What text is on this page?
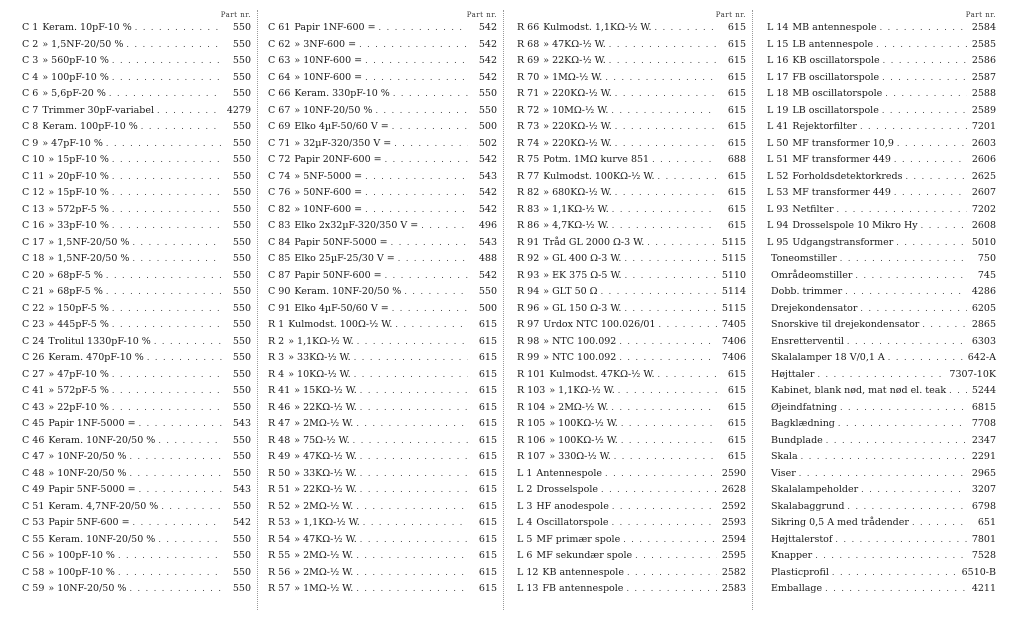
Part nr.
C 1 Keram. 10pF-10 % . . .	550
C 2 » 1,5NF-20/50 % . . .	550
C 3 » 560pF-10 % . . .	550
C 4 » 100pF-10 % . . .	550
C 6 » 5,6pF-20 % . . .	550
C 7 Trimmer 30pF-variabel . . .	4279
C 8 Keram. 100pF-10 % . . .	550
C 9 » 47pF-10 % . . .	550
C 10 » 15pF-10 % . . .	550
C 11 » 20pF-10 % . . .	550
C 12 » 15pF-10 % . . .	550
C 13 » 572pF-5 % . . .	550
C 16 » 33pF-10 % . . .	550
C 17 » 1,5NF-20/50 % . . .	550
C 18 » 1,5NF-20/50 % . . .	550
C 20 » 68pF-5 % . . .	550
C 21 » 68pF-5 % . . .	550
C 22 » 150pF-5 % . . .	550
C 23 » 445pF-5 % . . .	550
C 24 Trolitul 1330pF-10 % . . .	550
C 26 Keram. 470pF-10 % . . .	550
C 27 » 47pF-10 % . . .	550
C 41 » 572pF-5 % . . .	550
C 43 » 22pF-10 % . . .	550
C 45 Papir 1NF-5000 = . . .	543
C 46 Keram. 10NF-20/50 % . . .	550
C 47 » 10NF-20/50 % . . .	550
C 48 » 10NF-20/50 % . . .	550
C 49 Papir 5NF-5000 = . . .	543
C 51 Keram. 4,7NF-20/50 % . . .	550
C 53 Papir 5NF-600 = . . .	542
C 55 Keram. 10NF-20/50 % . . .	550
C 56 » 100pF-10 % . . .	550
C 58 » 100pF-10 % . . .	550
C 59 » 10NF-20/50 % . . .	550
Part nr.
C 61 Papir 1NF-600 = . . .	542
C 62 » 3NF-600 = . . .	542
C 63 » 10NF-600 = . . .	542
C 64 » 10NF-600 = . . .	542
C 66 Keram. 330pF-10 % . . .	550
C 67 » 10NF-20/50 % . . .	550
C 69 Elko 4µF-50/60 V = . . .	500
C 71 » 32µF-320/350 V = . . .	502
C 72 Papir 20NF-600 = . . .	542
C 74 » 5NF-5000 = . . .	543
C 76 » 50NF-600 = . . .	542
C 82 » 10NF-600 = . . .	542
C 83 Elko 2x32µF-320/350 V = . . .	496
C 84 Papir 50NF-5000 = . . .	543
C 85 Elko 25µF-25/30 V = . . .	488
C 87 Papir 50NF-600 = . . .	542
C 90 Keram. 10NF-20/50 % . . .	550
C 91 Elko 4µF-50/60 V = . . .	500
R 1 Kulmodst. 100Ω-½ W. . . .	615
R 2 » 1,1KΩ-½ W. . . .	615
R 3 » 33KΩ-½ W. . . .	615
R 4 » 10KΩ-½ W. . . .	615
R 41 » 15KΩ-½ W. . . .	615
R 46 » 22KΩ-½ W. . . .	615
R 47 » 2MΩ-½ W. . . .	615
R 48 » 75Ω-½ W. . . .	615
R 49 » 47KΩ-½ W. . . .	615
R 50 » 33KΩ-½ W. . . .	615
R 51 » 22KΩ-½ W. . . .	615
R 52 » 2MΩ-½ W. . . .	615
R 53 » 1,1KΩ-½ W. . . .	615
R 54 » 47KΩ-½ W. . . .	615
R 55 » 2MΩ-½ W. . . .	615
R 56 » 2MΩ-½ W. . . .	615
R 57 » 1MΩ-½ W. . . .	615
Part nr.
R 66 Kulmodst. 1,1KΩ-½ W. . . .	615
R 68 » 47KΩ-½ W. . . .	615
R 69 » 22KΩ-½ W. . . .	615
R 70 » 1MΩ-½ W. . . .	615
R 71 » 220KΩ-½ W. . . .	615
R 72 » 10MΩ-½ W. . . .	615
R 73 » 220KΩ-½ W. . . .	615
R 74 » 220KΩ-½ W. . . .	615
R 75 Potm. 1MΩ kurve 851 . . .	688
R 77 Kulmodst. 100KΩ-½ W. . . .	615
R 82 » 680KΩ-½ W. . . .	615
R 83 » 1,1KΩ-½ W. . . .	615
R 86 » 4,7KΩ-½ W. . . .	615
R 91 Tråd GL 2000 Ω-3 W. . . .	5115
R 92 » GL 400 Ω-3 W. . . .	5115
R 93 » EK 375 Ω-5 W. . . .	5110
R 94 » GLT 50 Ω . . .	5114
R 96 » GL 150 Ω-3 W. . . .	5115
R 97 Urdox NTC 100.026/01 . . .	7405
R 98 » NTC 100.092 . . .	7406
R 99 » NTC 100.092 . . .	7406
R 101 Kulmodst. 47KΩ-½ W. . . .	615
R 103 » 1,1KΩ-½ W. . . .	615
R 104 » 2MΩ-½ W. . . .	615
R 105 » 100KΩ-½ W. . . .	615
R 106 » 100KΩ-½ W. . . .	615
R 107 » 330Ω-½ W. . . .	615
L 1 Antennespole . . .	2590
L 2 Drosselspole . . .	2628
L 3 HF anodespole . . .	2592
L 4 Oscillatorspole . . .	2593
L 5 MF primær spole . . .	2594
L 6 MF sekundær spole . . .	2595
L 12 KB antennespole . . .	2582
L 13 FB antennespole . . .	2583
Part nr.
L 14 MB antennespole . . .	2584
L 15 LB antennespole . . .	2585
L 16 KB oscillatorspole . . .	2586
L 17 FB oscillatorspole . . .	2587
L 18 MB oscillatorspole . . .	2588
L 19 LB oscillatorspole . . .	2589
L 41 Rejektorfilter . . .	7201
L 50 MF transformer 10,9 . . .	2603
L 51 MF transformer 449 . . .	2606
L 52 Forholdsdetektorkreds . . .	2625
L 53 MF transformer 449 . . .	2607
L 93 Netfilter . . .	7202
L 94 Drosselspole 10 Mikro Hy . . .	2608
L 95 Udgangstransformer . . .	5010
Toneomstiller . . .	750
Områdeomstiller . . .	745
Dobb. trimmer . . .	4286
Drejekondensator . . .	6205
Snorskive til drejekondensator . . .	2865
Ensretterventil . . .	6303
Skalalamper 18 V/0,1 A . . .	642-A
Højttaler . . .	7307-10K
Kabinet, blank nød, mat nød el. teak . . .	5244
Øjeindfatning . . .	6815
Bagklædning . . .	7708
Bundplade . . .	2347
Skala . . .	2291
Viser . . .	2965
Skalalampeholder . . .	3207
Skalabaggrund . . .	6798
Sikring 0,5 A med trådender . . .	651
Højttalerstof . . .	7801
Knapper . . .	7528
Plasticprofil . . .	6510-B
Emballage . . .	4211
